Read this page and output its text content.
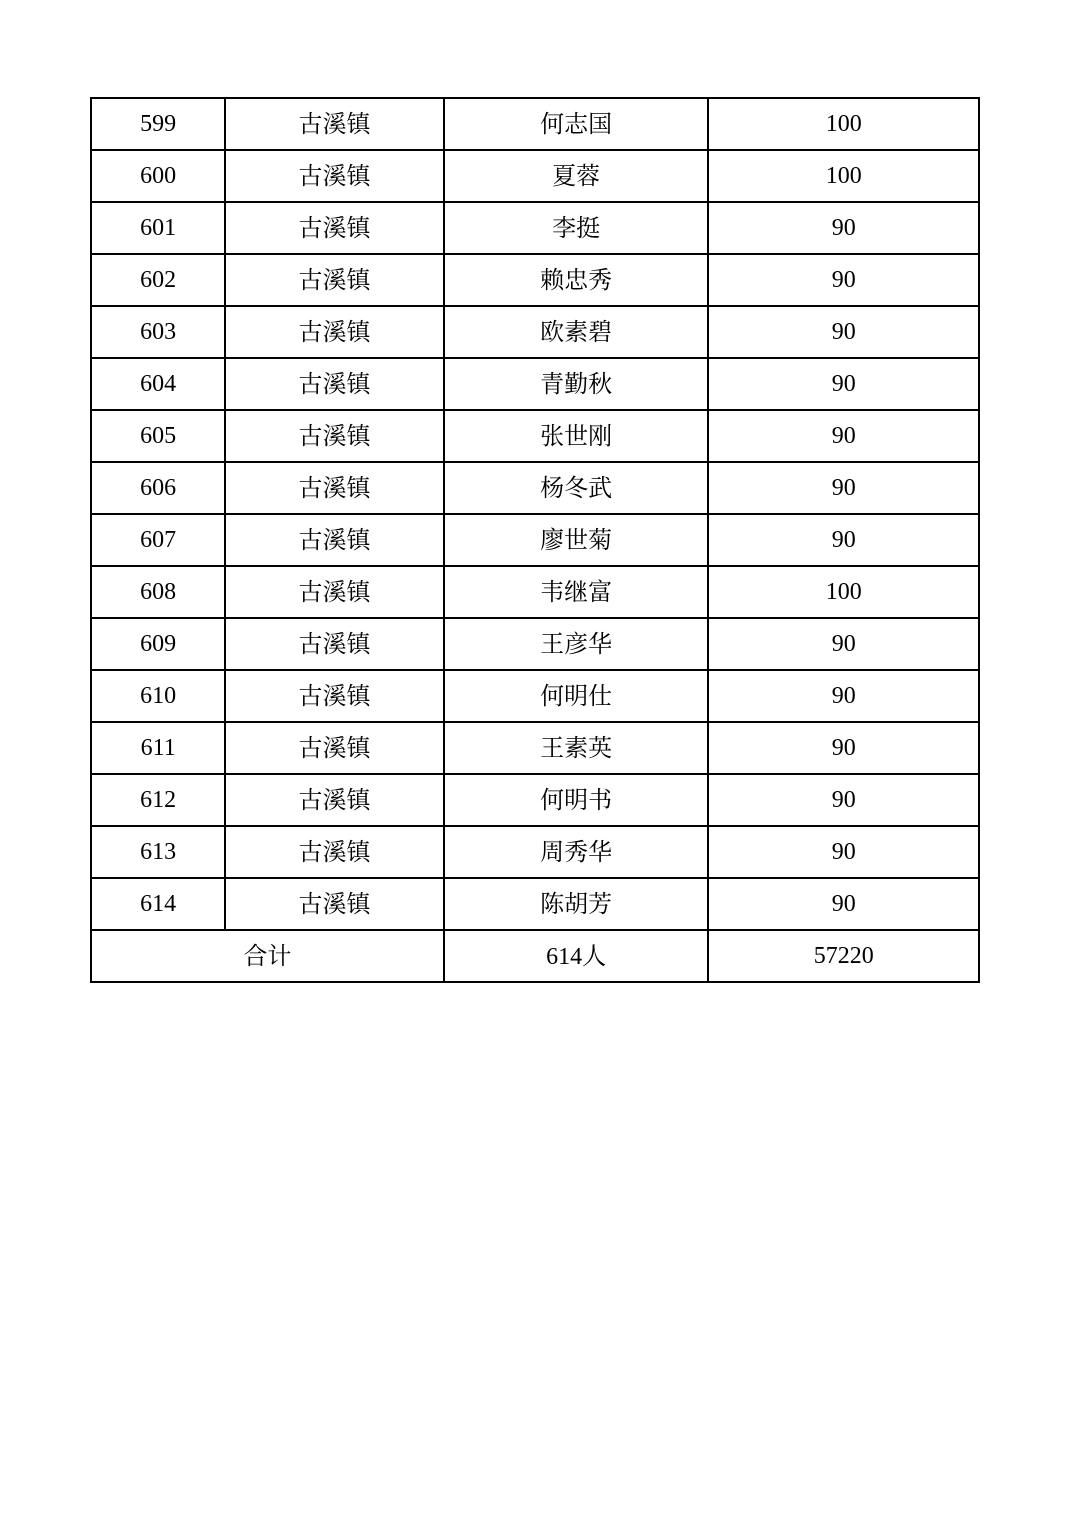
599	古溪镇	何志国	100
600	古溪镇	夏蓉	100
601	古溪镇	李挺	90
602	古溪镇	赖忠秀	90
603	古溪镇	欧素碧	90
604	古溪镇	青勤秋	90
605	古溪镇	张世刚	90
606	古溪镇	杨冬武	90
607	古溪镇	廖世菊	90
608	古溪镇	韦继富	100
609	古溪镇	王彦华	90
610	古溪镇	何明仕	90
611	古溪镇	王素英	90
612	古溪镇	何明书	90
613	古溪镇	周秀华	90
614	古溪镇	陈胡芳	90
合计		614人	57220
